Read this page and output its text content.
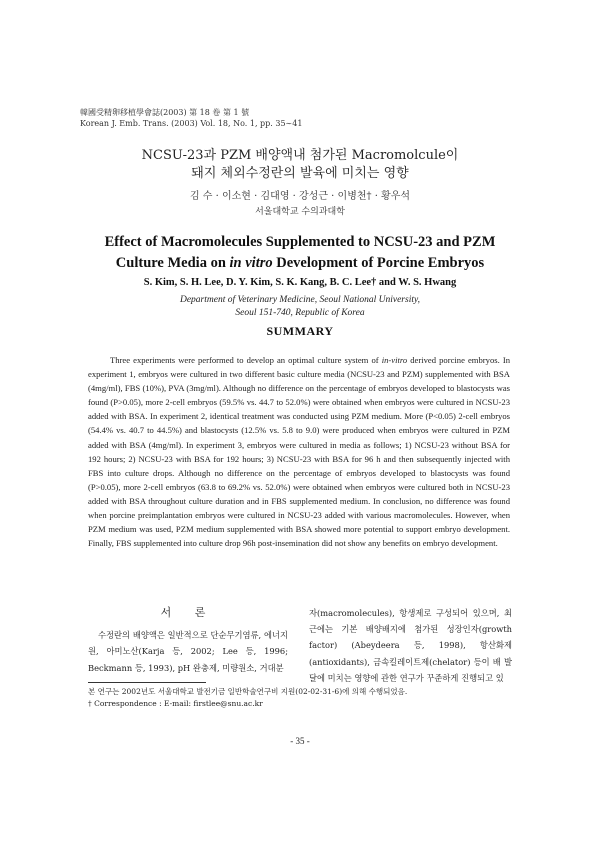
韓國受精卵移植學會誌(2003) 第 18 卷 第 1 號
Korean J. Emb. Trans. (2003) Vol. 18, No. 1, pp. 35∼41
NCSU-23과 PZM 배양액내 첨가된 Macromolcule이
돼지 체외수정란의 발육에 미치는 영향
김 수 · 이소현 · 김대영 · 강성근 · 이병천† · 황우석
서울대학교 수의과대학
Effect of Macromolecules Supplemented to NCSU-23 and PZM
Culture Media on in vitro Development of Porcine Embryos
S. Kim, S. H. Lee, D. Y. Kim, S. K. Kang, B. C. Lee† and W. S. Hwang
Department of Veterinary Medicine, Seoul National University,
Seoul 151-740, Republic of Korea
SUMMARY

Three experiments were performed to develop an optimal culture system of in-vitro derived porcine embryos. In experiment 1, embryos were cultured in two different basic culture media (NCSU-23 and PZM) supplemented with BSA (4mg/ml), FBS (10%), PVA (3mg/ml). Although no difference on the percentage of embryos developed to blastocysts was found (P>0.05), more 2-cell embryos (59.5% vs. 44.7 to 52.0%) were obtained when embryos were cultured in NCSU-23 added with BSA. In experiment 2, identical treatment was conducted using PZM medium. More (P<0.05) 2-cell embryos (54.4% vs. 40.7 to 44.5%) and blastocysts (12.5% vs. 5.8 to 9.0) were produced when embryos were cultured in PZM added with BSA (4mg/ml). In experiment 3, embryos were cultured in media as follows; 1) NCSU-23 without BSA for 192 hours; 2) NCSU-23 with BSA for 192 hours; 3) NCSU-23 with BSA for 96 h and then subsequently injected with FBS into culture drops. Although no difference on the percentage of embryos developed to blastocysts was found (P>0.05), more 2-cell embryos (63.8 to 69.2% vs. 52.0%) were obtained when embryos were cultured both in NCSU-23 added with BSA throughout culture duration and in FBS supplemented medium. In conclusion, no difference was found when porcine preimplantation embryos were cultured in NCSU-23 added with various macromolecules. However, when PZM medium was used, PZM medium supplemented with BSA showed more potential to support embryo development. Finally, FBS supplemented into culture drop 96h post-insemination did not show any benefits on embryo development.

서 론

수정란의 배양액은 일반적으로 단순무기염류, 에너지원, 아미노산(Karja 등, 2002; Lee 등, 1996; Beckmann 등, 1993), pH 완충제, 미량원소, 거대분

자(macromolecules), 항생제로 구성되어 있으며, 최근에는 기본 배양배지에 첨가된 성장인자(growth factor) (Abeydeera 등, 1998), 항산화제(antioxidants), 금속킬레이트제(chelator) 등이 배 발달에 미치는 영향에 관한 연구가 꾸준하게 진행되고 있

본 연구는 2002년도 서울대학교 발전기금 일반학술연구비 지원(02-02-31-6)에 의해 수행되었음.
† Correspondence : E-mail: firstlee@snu.ac.kr
- 35 -
